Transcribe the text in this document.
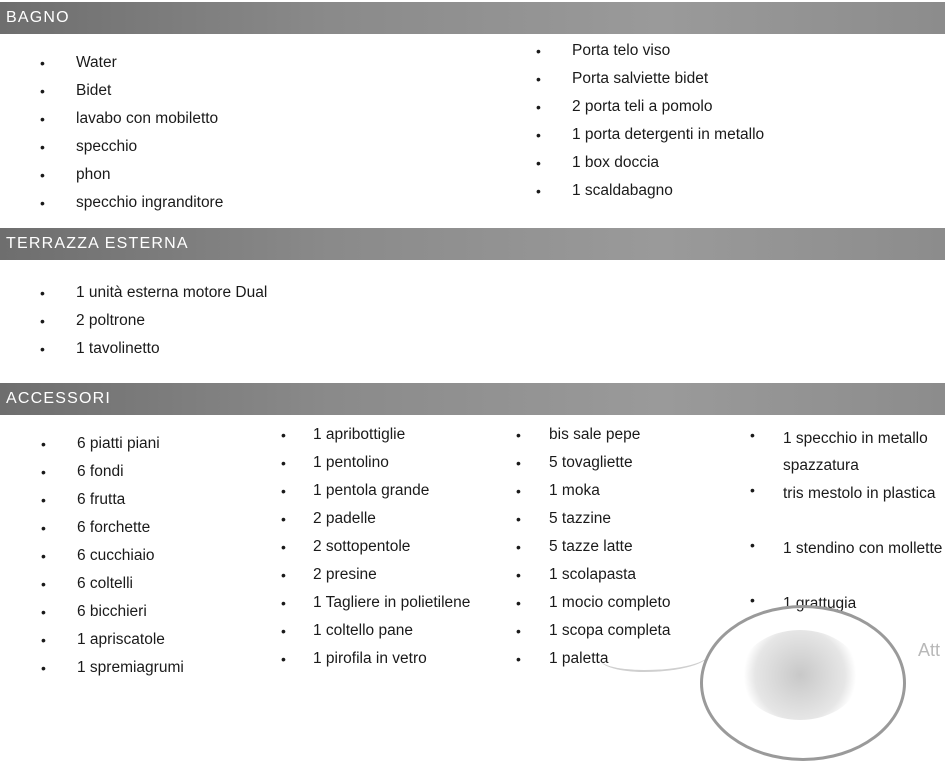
BAGNO
• Water
• Bidet
• lavabo con mobiletto
• specchio
• phon
• specchio ingranditore
• Porta telo viso
• Porta salviette bidet
• 2 porta teli a pomolo
• 1 porta detergenti in metallo
• 1 box doccia
• 1 scaldabagno
TERRAZZA ESTERNA
• 1 unità esterna motore Dual
• 2 poltrone
• 1 tavolinetto
ACCESSORI
• 6 piatti piani
• 6 fondi
• 6 frutta
• 6 forchette
• 6 cucchiaio
• 6 coltelli
• 6 bicchieri
• 1 apriscatole
• 1 spremiagrumi
• 1 apribottiglie
• 1 pentolino
• 1 pentola grande
• 2 padelle
• 2 sottopentole
• 2 presine
• 1 Tagliere in polietilene
• 1 coltello pane
• 1 pirofila in vetro
• bis sale pepe
• 5 tovagliette
• 1 moka
• 5 tazzine
• 5 tazze latte
• 1 scolapasta
• 1 mocio completo
• 1 scopa completa
• 1 paletta
• 1 specchio in metallo spazzatura
• tris mestolo in plastica
• 1 stendino con mollette
• 1 grattugia
Att
